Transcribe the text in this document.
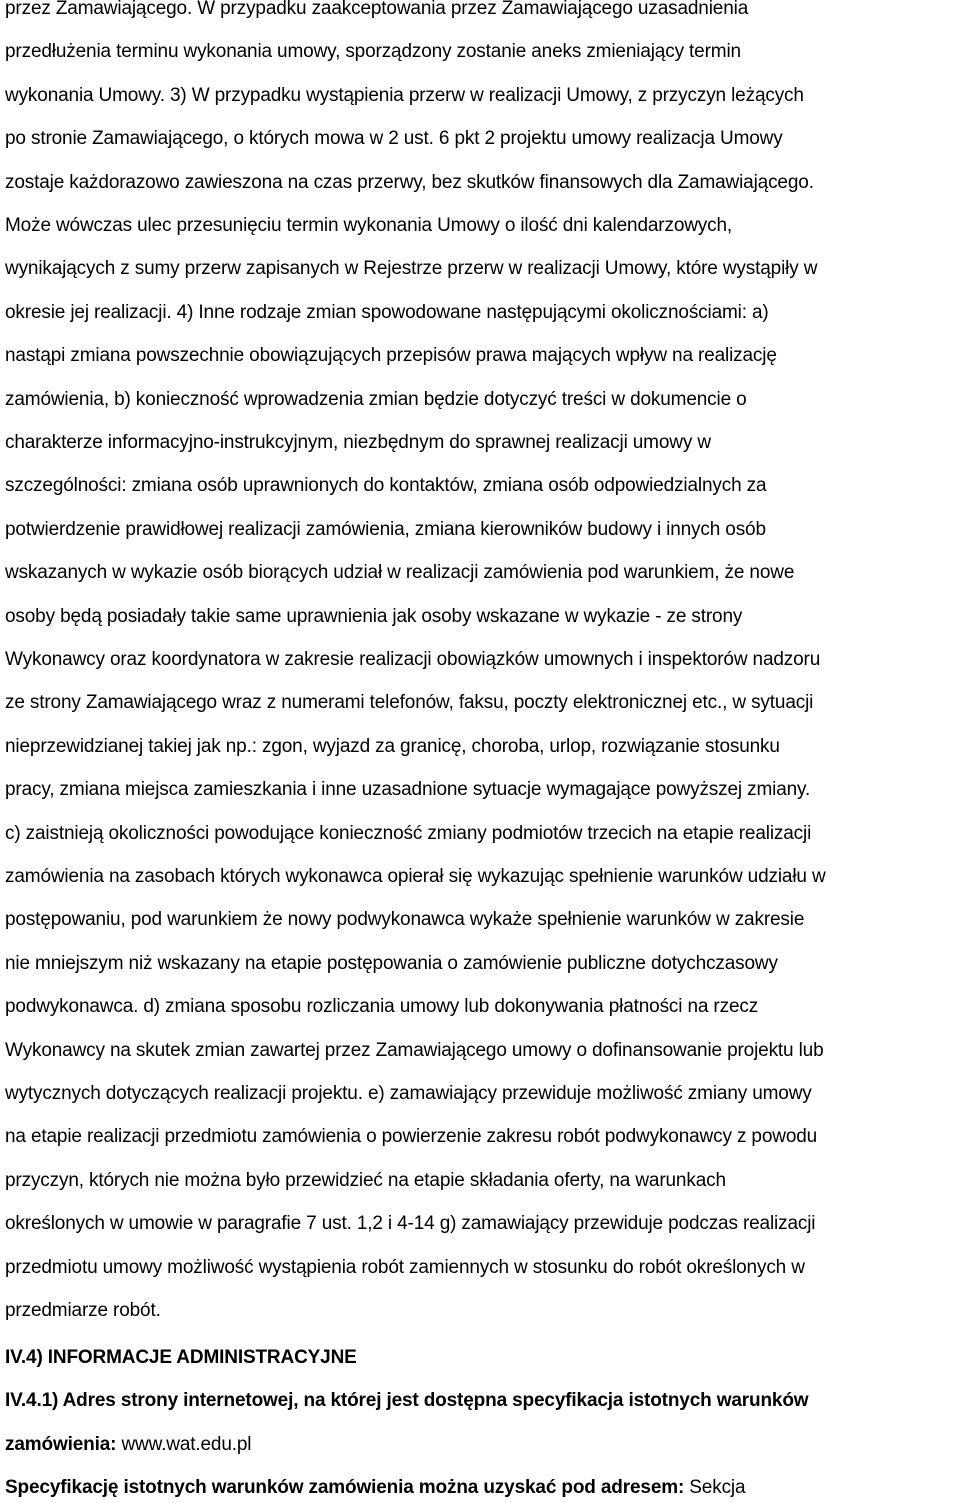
przez Zamawiającego. W przypadku zaakceptowania przez Zamawiającego uzasadnienia
przedłużenia terminu wykonania umowy, sporządzony zostanie aneks zmieniający termin
wykonania Umowy. 3) W przypadku wystąpienia przerw w realizacji Umowy, z przyczyn leżących
po stronie Zamawiającego, o których mowa w 2 ust. 6 pkt 2 projektu umowy realizacja Umowy
zostaje każdorazowo zawieszona na czas przerwy, bez skutków finansowych dla Zamawiającego.
Może wówczas ulec przesunięciu termin wykonania Umowy o ilość dni kalendarzowych,
wynikających z sumy przerw zapisanych w Rejestrze przerw w realizacji Umowy, które wystąpiły w
okresie jej realizacji. 4) Inne rodzaje zmian spowodowane następującymi okolicznościami: a)
nastąpi zmiana powszechnie obowiązujących przepisów prawa mających wpływ na realizację
zamówienia, b) konieczność wprowadzenia zmian będzie dotyczyć treści w dokumencie o
charakterze informacyjno-instrukcyjnym, niezbędnym do sprawnej realizacji umowy w
szczególności: zmiana osób uprawnionych do kontaktów, zmiana osób odpowiedzialnych za
potwierdzenie prawidłowej realizacji zamówienia, zmiana kierowników budowy i innych osób
wskazanych w wykazie osób biorących udział w realizacji zamówienia pod warunkiem, że nowe
osoby będą posiadały takie same uprawnienia jak osoby wskazane w wykazie - ze strony
Wykonawcy oraz koordynatora w zakresie realizacji obowiązków umownych i inspektorów nadzoru
ze strony Zamawiającego wraz z numerami telefonów, faksu, poczty elektronicznej etc., w sytuacji
nieprzewidzianej takiej jak np.: zgon, wyjazd za granicę, choroba, urlop, rozwiązanie stosunku
pracy, zmiana miejsca zamieszkania i inne uzasadnione sytuacje wymagające powyższej zmiany.
c) zaistnieją okoliczności powodujące konieczność zmiany podmiotów trzecich na etapie realizacji
zamówienia na zasobach których wykonawca opierał się wykazując spełnienie warunków udziału w
postępowaniu, pod warunkiem że nowy podwykonawca wykaże spełnienie warunków w zakresie
nie mniejszym niż wskazany na etapie postępowania o zamówienie publiczne dotychczasowy
podwykonawca. d) zmiana sposobu rozliczania umowy lub dokonywania płatności na rzecz
Wykonawcy na skutek zmian zawartej przez Zamawiającego umowy o dofinansowanie projektu lub
wytycznych dotyczących realizacji projektu. e) zamawiający przewiduje możliwość zmiany umowy
na etapie realizacji przedmiotu zamówienia o powierzenie zakresu robót podwykonawcy z powodu
przyczyn, których nie można było przewidzieć na etapie składania oferty, na warunkach
określonych w umowie w paragrafie 7 ust. 1,2 i 4-14 g) zamawiający przewiduje podczas realizacji
przedmiotu umowy możliwość wystąpienia robót zamiennych w stosunku do robót określonych w
przedmiarze robót.
IV.4) INFORMACJE ADMINISTRACYJNE
IV.4.1) Adres strony internetowej, na której jest dostępna specyfikacja istotnych warunków
zamówienia: www.wat.edu.pl
Specyfikację istotnych warunków zamówienia można uzyskać pod adresem: Sekcja
